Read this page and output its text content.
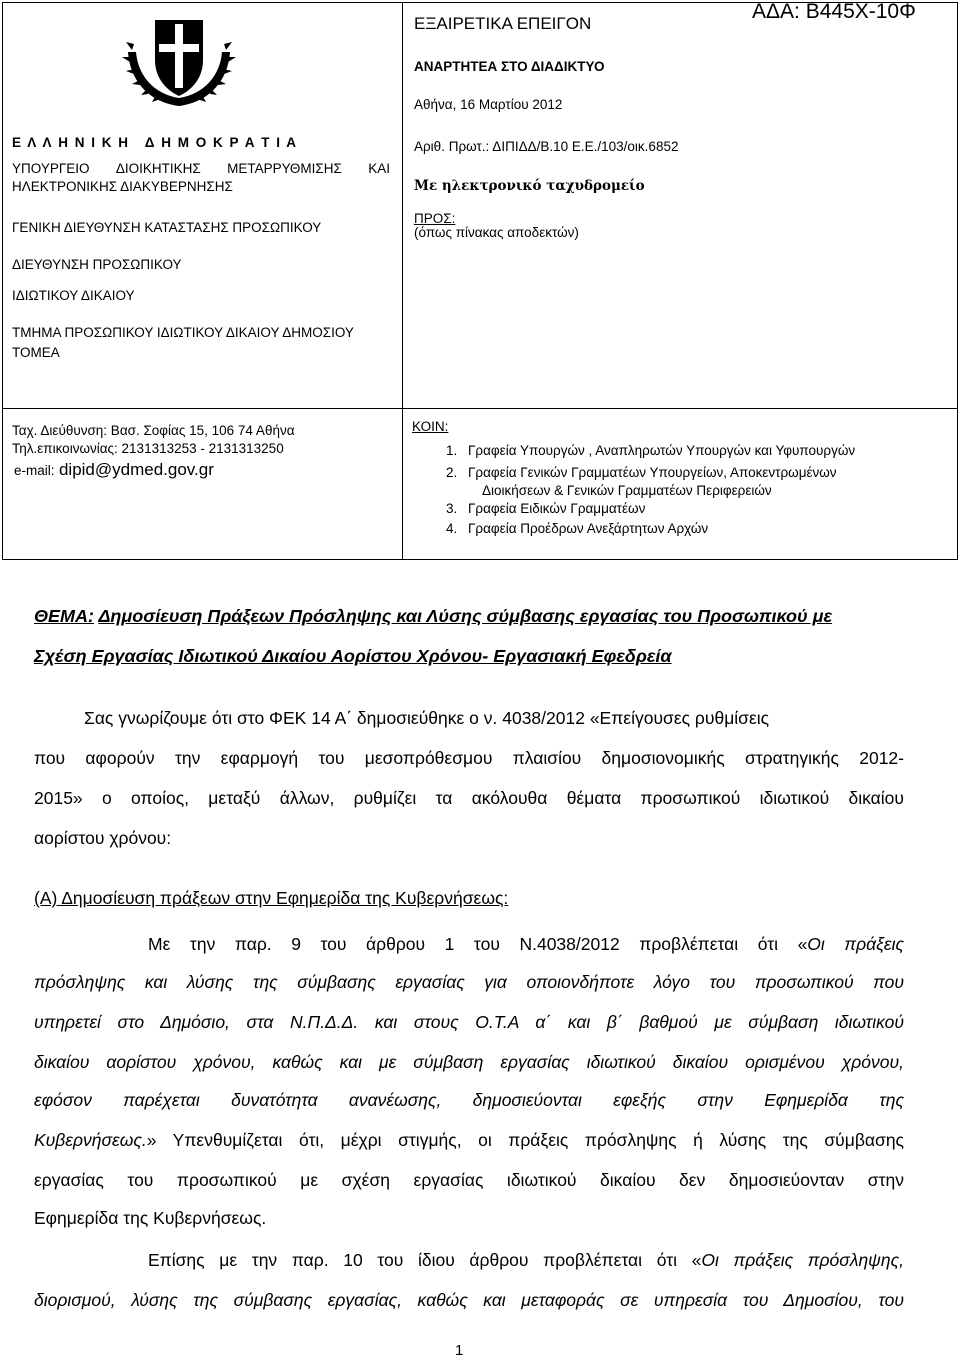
Ε Λ Λ Η Ν Ι Κ Η   Δ Η Μ Ο Κ Ρ Α Τ Ι Α
ΥΠΟΥΡΓΕΙΟ ΔΙΟΙΚΗΤΙΚΗΣ ΜΕΤΑΡΡΥΘΜΙΣΗΣ ΚΑΙ
ΗΛΕΚΤΡΟΝΙΚΗΣ ΔΙΑΚΥΒΕΡΝΗΣΗΣ
ΓΕΝΙΚΗ ΔΙΕΥΘΥΝΣΗ ΚΑΤΑΣΤΑΣΗΣ ΠΡΟΣΩΠΙΚΟΥ
ΔΙΕΥΘΥΝΣΗ ΠΡΟΣΩΠΙΚΟΥ
ΙΔΙΩΤΙΚΟΥ ΔΙΚΑΙΟΥ
ΤΜΗΜΑ ΠΡΟΣΩΠΙΚΟΥ ΙΔΙΩΤΙΚΟΥ ΔΙΚΑΙΟΥ ΔΗΜΟΣΙΟΥ
ΤΟΜΕΑ
ΕΞΑΙΡΕΤΙΚΑ ΕΠΕΙΓΟΝ
ΑΔΑ: Β445Χ-10Φ
ΑΝΑΡΤΗΤΕΑ ΣΤΟ ΔΙΑΔΙΚΤΥΟ
Αθήνα, 16 Μαρτίου 2012
Αριθ. Πρωτ.: ΔΙΠΙΔΔ/Β.10 Ε.Ε./103/οικ.6852
Με ηλεκτρονικό ταχυδρομείο
ΠΡΟΣ:
(όπως πίνακας αποδεκτών)
Ταχ. Διεύθυνση: Βασ. Σοφίας 15, 106 74 Αθήνα
Τηλ.επικοινωνίας: 2131313253 - 2131313250
e-mail: dipid@ydmed.gov.gr
ΚΟΙΝ:
1. Γραφεία Υπουργών , Αναπληρωτών Υπουργών και Υφυπουργών
2. Γραφεία Γενικών Γραμματέων Υπουργείων, Αποκεντρωμένων
Διοικήσεων & Γενικών Γραμματέων Περιφερειών
3. Γραφεία Ειδικών Γραμματέων
4. Γραφεία Προέδρων Ανεξάρτητων Αρχών
ΘΕΜΑ: Δημοσίευση Πράξεων Πρόσληψης και Λύσης σύμβασης εργασίας του Προσωπικού με
Σχέση Εργασίας Ιδιωτικού Δικαίου Αορίστου Χρόνου- Εργασιακή Εφεδρεία
Σας γνωρίζουμε ότι στο ΦΕΚ 14 Α΄ δημοσιεύθηκε ο ν. 4038/2012 «Επείγουσες ρυθμίσεις
που αφορούν την εφαρμογή του μεσοπρόθεσμου πλαισίου δημοσιονομικής στρατηγικής 2012-
2015» ο οποίος, μεταξύ άλλων, ρυθμίζει τα ακόλουθα θέματα προσωπικού ιδιωτικού δικαίου
αορίστου χρόνου:
(Α) Δημοσίευση πράξεων στην Εφημερίδα της Κυβερνήσεως:
Με την παρ. 9 του άρθρου 1 του Ν.4038/2012 προβλέπεται ότι «Οι πράξεις
πρόσληψης και λύσης της σύμβασης εργασίας για οποιονδήποτε λόγο του προσωπικού που
υπηρετεί στο Δημόσιο, στα Ν.Π.Δ.Δ. και στους Ο.Τ.Α α΄ και β΄ βαθμού με σύμβαση ιδιωτικού
δικαίου αορίστου χρόνου, καθώς και με σύμβαση εργασίας ιδιωτικού δικαίου ορισμένου χρόνου,
εφόσον παρέχεται δυνατότητα ανανέωσης, δημοσιεύονται εφεξής στην Εφημερίδα της
Κυβερνήσεως.» Υπενθυμίζεται ότι, μέχρι στιγμής, οι πράξεις πρόσληψης ή λύσης της σύμβασης
εργασίας του προσωπικού με σχέση εργασίας ιδιωτικού δικαίου δεν δημοσιεύονταν στην
Εφημερίδα της Κυβερνήσεως.
Επίσης με την παρ. 10 του ίδιου άρθρου προβλέπεται ότι «Οι πράξεις πρόσληψης,
διορισμού, λύσης της σύμβασης εργασίας, καθώς και μεταφοράς σε υπηρεσία του Δημοσίου, του
1
